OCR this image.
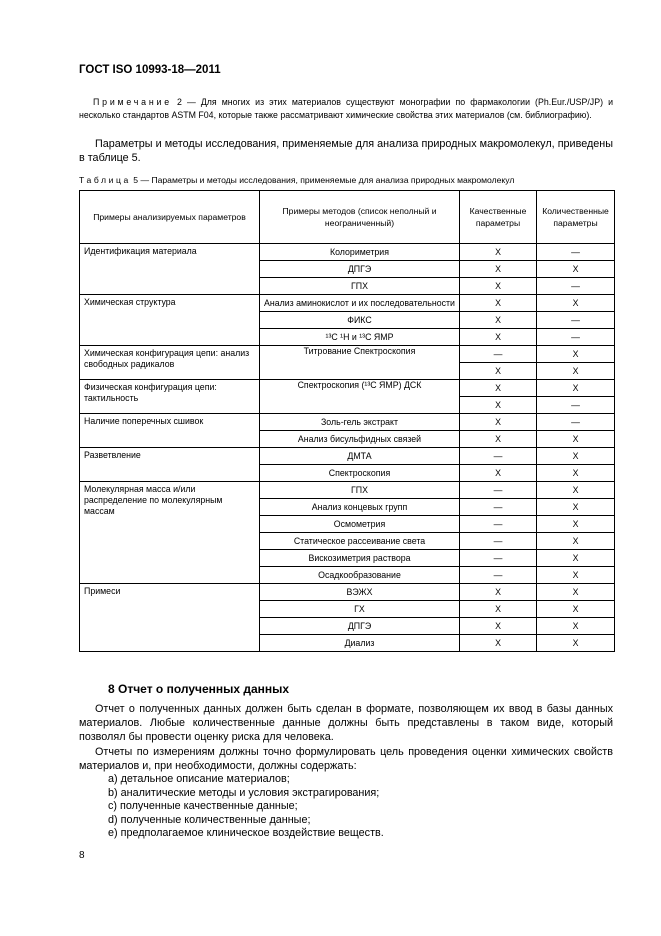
ГОСТ ISO 10993-18—2011
Примечание 2 — Для многих из этих материалов существуют монографии по фармакологии (Ph.Eur./USP/JP) и несколько стандартов ASTM F04, которые также рассматривают химические свойства этих материалов (см. библиографию).
Параметры и методы исследования, применяемые для анализа природных макромолекул, приведены в таблице 5.
Таблица 5 — Параметры и методы исследования, применяемые для анализа природных макромолекул
Примеры анализируемых параметров	Примеры методов (список неполный и неограниченный)	Качественные параметры	Количественные параметры
Идентификация материала	Колориметрия	Х	—
	ДПГЭ	Х	Х
	ГПХ	Х	—
Химическая структура	Анализ аминокислот и их последовательности	Х	Х
	ФИКС	Х	—
	¹³С ¹Н и ¹³С ЯМР	Х	—
Химическая конфигурация цепи: анализ свободных радикалов	Титрование Спектроскопия	—	Х
		Х	Х
Физическая конфигурация цепи: тактильность	Спектроскопия (¹³С ЯМР) ДСК	Х	Х
		Х	—
Наличие поперечных сшивок	Золь-гель экстракт	Х	—
	Анализ бисульфидных связей	Х	Х
Разветвление	ДМТА	—	Х
	Спектроскопия	Х	Х
Молекулярная масса и/или распределение по молекулярным массам	ГПХ	—	Х
	Анализ концевых групп	—	Х
	Осмометрия	—	Х
	Статическое рассеивание света	—	Х
	Вискозиметрия раствора	—	Х
	Осадкообразование	—	Х
Примеси	ВЭЖХ	Х	Х
	ГХ	Х	Х
	ДПГЭ	Х	Х
	Диализ	Х	Х
8 Отчет о полученных данных
Отчет о полученных данных должен быть сделан в формате, позволяющем их ввод в базы данных материалов. Любые количественные данные должны быть представлены в таком виде, который позволял бы провести оценку риска для человека.
Отчеты по измерениям должны точно формулировать цель проведения оценки химических свойств материалов и, при необходимости, должны содержать:
a) детальное описание материалов;
b) аналитические методы и условия экстрагирования;
c) полученные качественные данные;
d) полученные количественные данные;
e) предполагаемое клиническое воздействие веществ.
8
